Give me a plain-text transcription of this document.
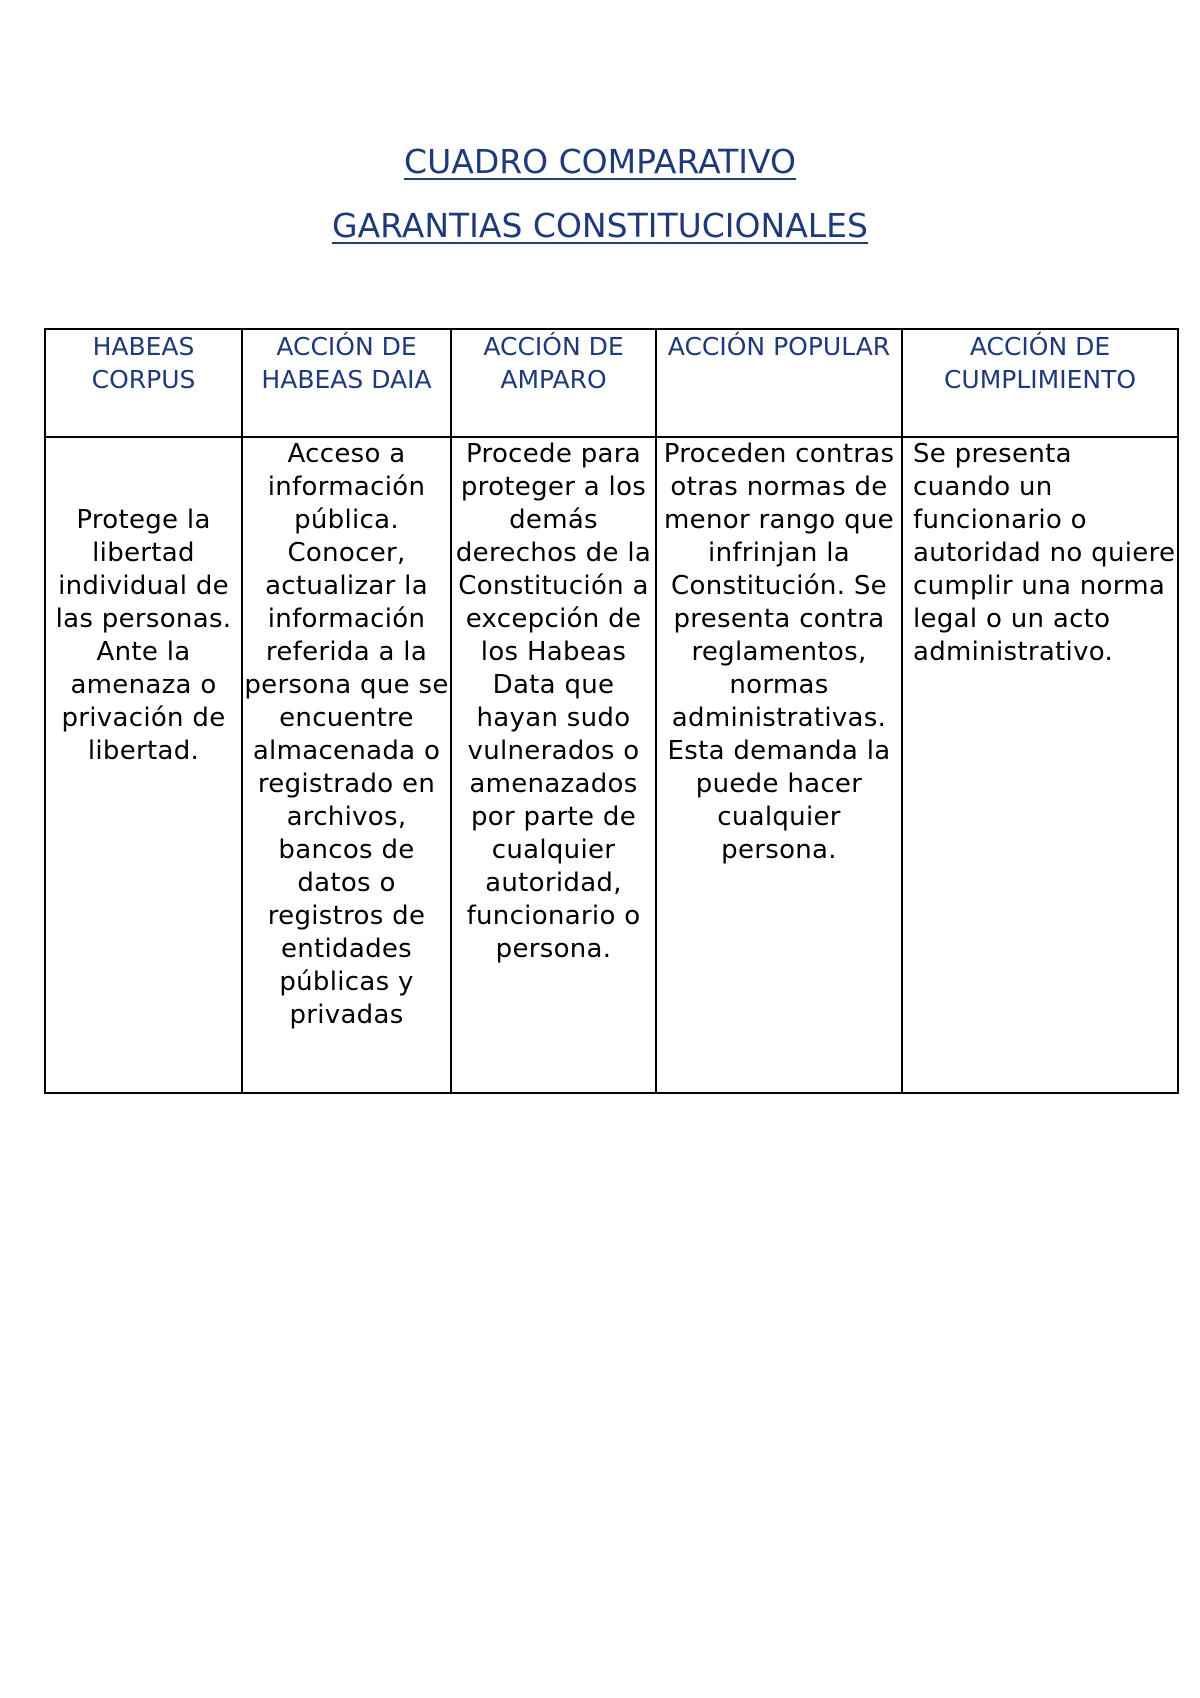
CUADRO COMPARATIVO
GARANTIAS CONSTITUCIONALES
HABEAS CORPUS	ACCIÓN DE HABEAS DAIA	ACCIÓN DE AMPARO	ACCIÓN POPULAR	ACCIÓN DE CUMPLIMIENTO

Protege la libertad individual de las personas. Ante la amenaza o privación de libertad.	Acceso a información pública. Conocer, actualizar la información referida a la persona que se encuentre almacenada o registrado en archivos, bancos de datos o registros de entidades públicas y privadas	Procede para proteger a los demás derechos de la Constitución a excepción de los Habeas Data que hayan sudo vulnerados o amenazados por parte de cualquier autoridad, funcionario o persona.	Proceden contras otras normas de menor rango que infrinjan la Constitución. Se presenta contra reglamentos, normas administrativas. Esta demanda la puede hacer cualquier persona.	Se presenta cuando un funcionario o autoridad no quiere cumplir una norma legal o un acto administrativo.
